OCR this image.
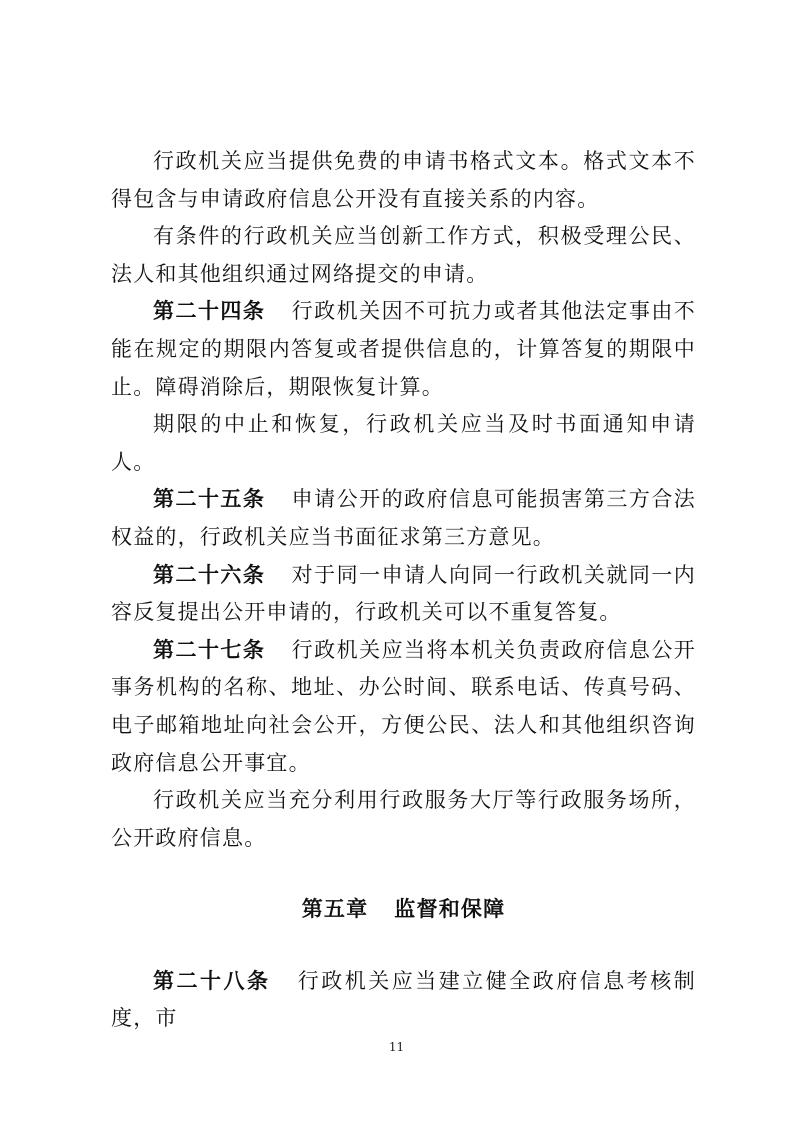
行政机关应当提供免费的申请书格式文本。格式文本不得包含与申请政府信息公开没有直接关系的内容。

有条件的行政机关应当创新工作方式，积极受理公民、法人和其他组织通过网络提交的申请。

第二十四条 行政机关因不可抗力或者其他法定事由不能在规定的期限内答复或者提供信息的，计算答复的期限中止。障碍消除后，期限恢复计算。

期限的中止和恢复，行政机关应当及时书面通知申请人。

第二十五条 申请公开的政府信息可能损害第三方合法权益的，行政机关应当书面征求第三方意见。

第二十六条 对于同一申请人向同一行政机关就同一内容反复提出公开申请的，行政机关可以不重复答复。

第二十七条 行政机关应当将本机关负责政府信息公开事务机构的名称、地址、办公时间、联系电话、传真号码、电子邮箱地址向社会公开，方便公民、法人和其他组织咨询政府信息公开事宜。

行政机关应当充分利用行政服务大厅等行政服务场所，公开政府信息。

第五章 监督和保障

第二十八条 行政机关应当建立健全政府信息考核制度，市

11
